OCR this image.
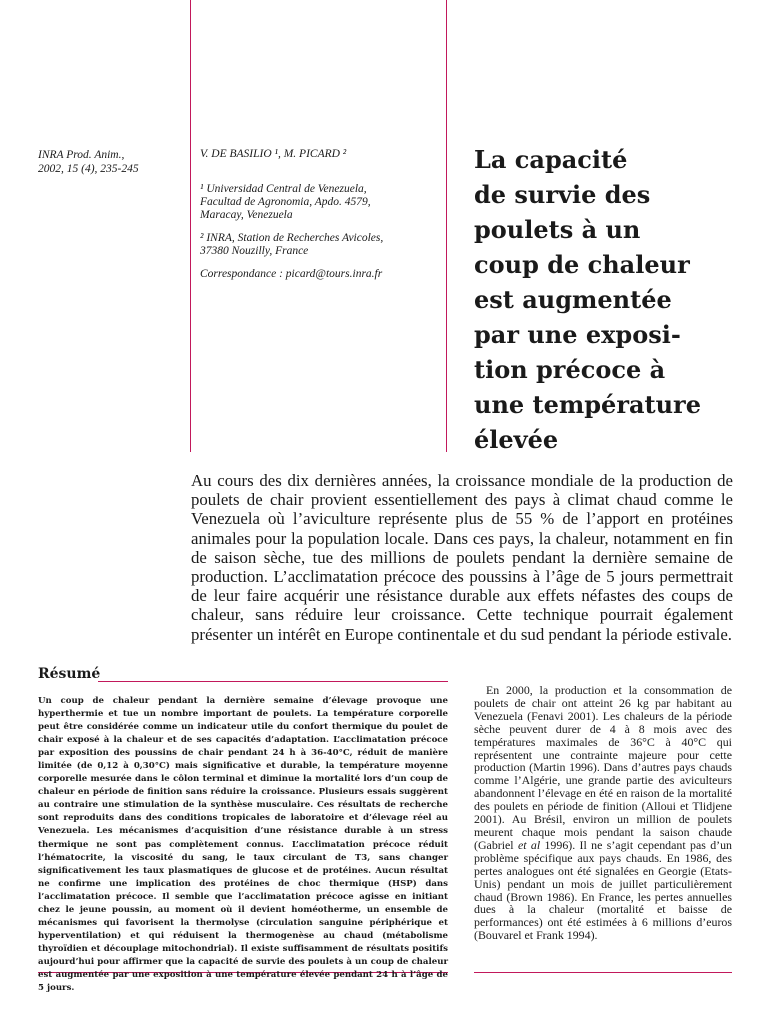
INRA Prod. Anim.,
2002, 15 (4), 235-245
V. DE BASILIO ¹, M. PICARD ²
¹ Universidad Central de Venezuela,
Facultad de Agronomia, Apdo. 4579,
Maracay, Venezuela
² INRA, Station de Recherches Avicoles,
37380 Nouzilly, France
Correspondance : picard@tours.inra.fr
La capacité
de survie des
poulets à un
coup de chaleur
est augmentée
par une exposi-
tion précoce à
une température
élevée

Au cours des dix dernières années, la croissance mondiale de la production de poulets de chair provient essentiellement des pays à climat chaud comme le Venezuela où l’aviculture représente plus de 55 % de l’apport en protéines animales pour la population locale. Dans ces pays, la chaleur, notamment en fin de saison sèche, tue des millions de poulets pendant la dernière semaine de production. L’acclimatation précoce des poussins à l’âge de 5 jours permettrait de leur faire acquérir une résistance durable aux effets néfastes des coups de chaleur, sans réduire leur croissance. Cette technique pourrait également présenter un intérêt en Europe continentale et du sud pendant la période estivale.

Résumé

Un coup de chaleur pendant la dernière semaine d’élevage provoque une hyperthermie et tue un nombre important de poulets. La température corporelle peut être considérée comme un indicateur utile du confort thermique du poulet de chair exposé à la chaleur et de ses capacités d’adaptation. L’acclimatation précoce par exposition des poussins de chair pendant 24 h à 36-40°C, réduit de manière limitée (de 0,12 à 0,30°C) mais significative et durable, la température moyenne corporelle mesurée dans le côlon terminal et diminue la mortalité lors d’un coup de chaleur en période de finition sans réduire la croissance. Plusieurs essais suggèrent au contraire une stimulation de la synthèse musculaire. Ces résultats de recherche sont reproduits dans des conditions tropicales de laboratoire et d’élevage réel au Venezuela. Les mécanismes d’acquisition d’une résistance durable à un stress thermique ne sont pas complètement connus. L’acclimatation précoce réduit l’hématocrite, la viscosité du sang, le taux circulant de T3, sans changer significativement les taux plasmatiques de glucose et de protéines. Aucun résultat ne confirme une implication des protéines de choc thermique (HSP) dans l’acclimatation précoce. Il semble que l’acclimatation précoce agisse en initiant chez le jeune poussin, au moment où il devient homéotherme, un ensemble de mécanismes qui favorisent la thermolyse (circulation sanguine périphérique et hyperventilation) et qui réduisent la thermogenèse au chaud (métabolisme thyroïdien et découplage mitochondrial). Il existe suffisamment de résultats positifs aujourd’hui pour affirmer que la capacité de survie des poulets à un coup de chaleur est augmentée par une exposition à une température élevée pendant 24 h à l’âge de 5 jours.

En 2000, la production et la consommation de poulets de chair ont atteint 26 kg par habitant au Venezuela (Fenavi 2001). Les chaleurs de la période sèche peuvent durer de 4 à 8 mois avec des températures maximales de 36°C à 40°C qui représentent une contrainte majeure pour cette production (Martin 1996). Dans d’autres pays chauds comme l’Algérie, une grande partie des aviculteurs abandonnent l’élevage en été en raison de la mortalité des poulets en période de finition (Alloui et Tlidjene 2001). Au Brésil, environ un million de poulets meurent chaque mois pendant la saison chaude (Gabriel et al 1996). Il ne s’agit cependant pas d’un problème spécifique aux pays chauds. En 1986, des pertes analogues ont été signalées en Georgie (Etats-Unis) pendant un mois de juillet particulièrement chaud (Brown 1986). En France, les pertes annuelles dues à la chaleur (mortalité et baisse de performances) ont été estimées à 6 millions d’euros (Bouvarel et Frank 1994).
